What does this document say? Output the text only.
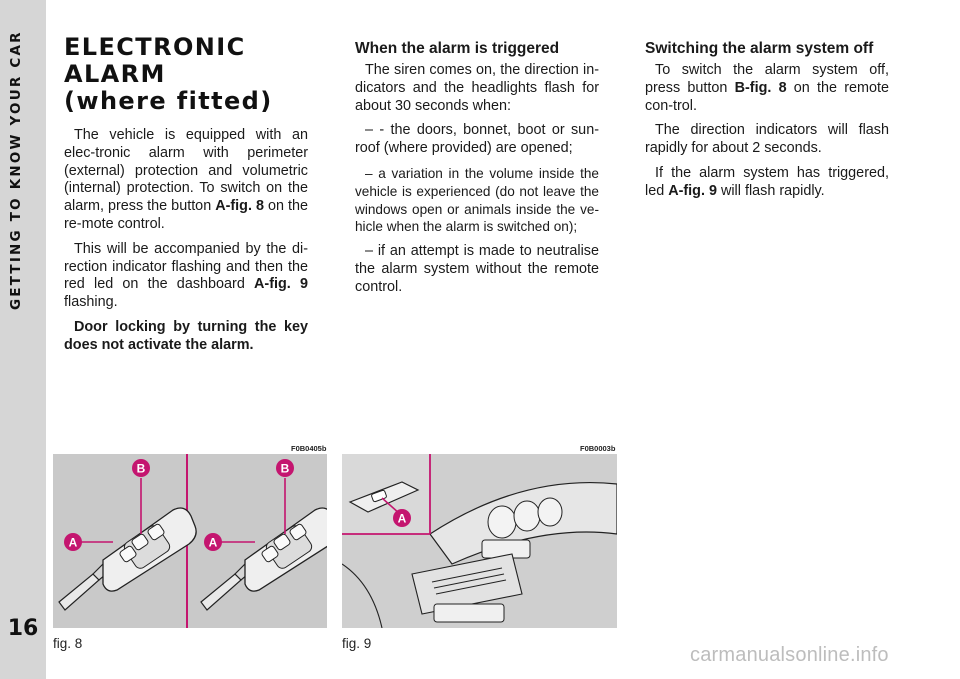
GETTING TO KNOW YOUR CAR
16
ELECTRONIC
ALARM
(where fitted)

The vehicle is equipped with an elec-tronic alarm with perimeter (external) protection and volumetric (internal) protection. To switch on the alarm, press the button A-fig. 8 on the re-mote control.

This will be accompanied by the di-rection indicator flashing and then the red led on the dashboard A-fig. 9 flashing.

Door locking by turning the key does not activate the alarm.

When the alarm is triggered

The siren comes on, the direction in-dicators and the headlights flash for about 30 seconds when:

– - the doors, bonnet, boot or sun-roof (where provided) are opened;

– a variation in the volume inside the vehicle is experienced (do not leave the windows open or animals inside the ve-hicle when the alarm is switched on);

– if an attempt is made to neutralise the alarm system without the remote control.

Switching the alarm system off

To switch the alarm system off, press button B-fig. 8 on the remote con-trol.

The direction indicators will flash rapidly for about 2 seconds.

If the alarm system has triggered, led A-fig. 9 will flash rapidly.

F0B0405b	F0B0003b
A
B
A
B
A
fig. 8	fig. 9
carmanualsonline.info
